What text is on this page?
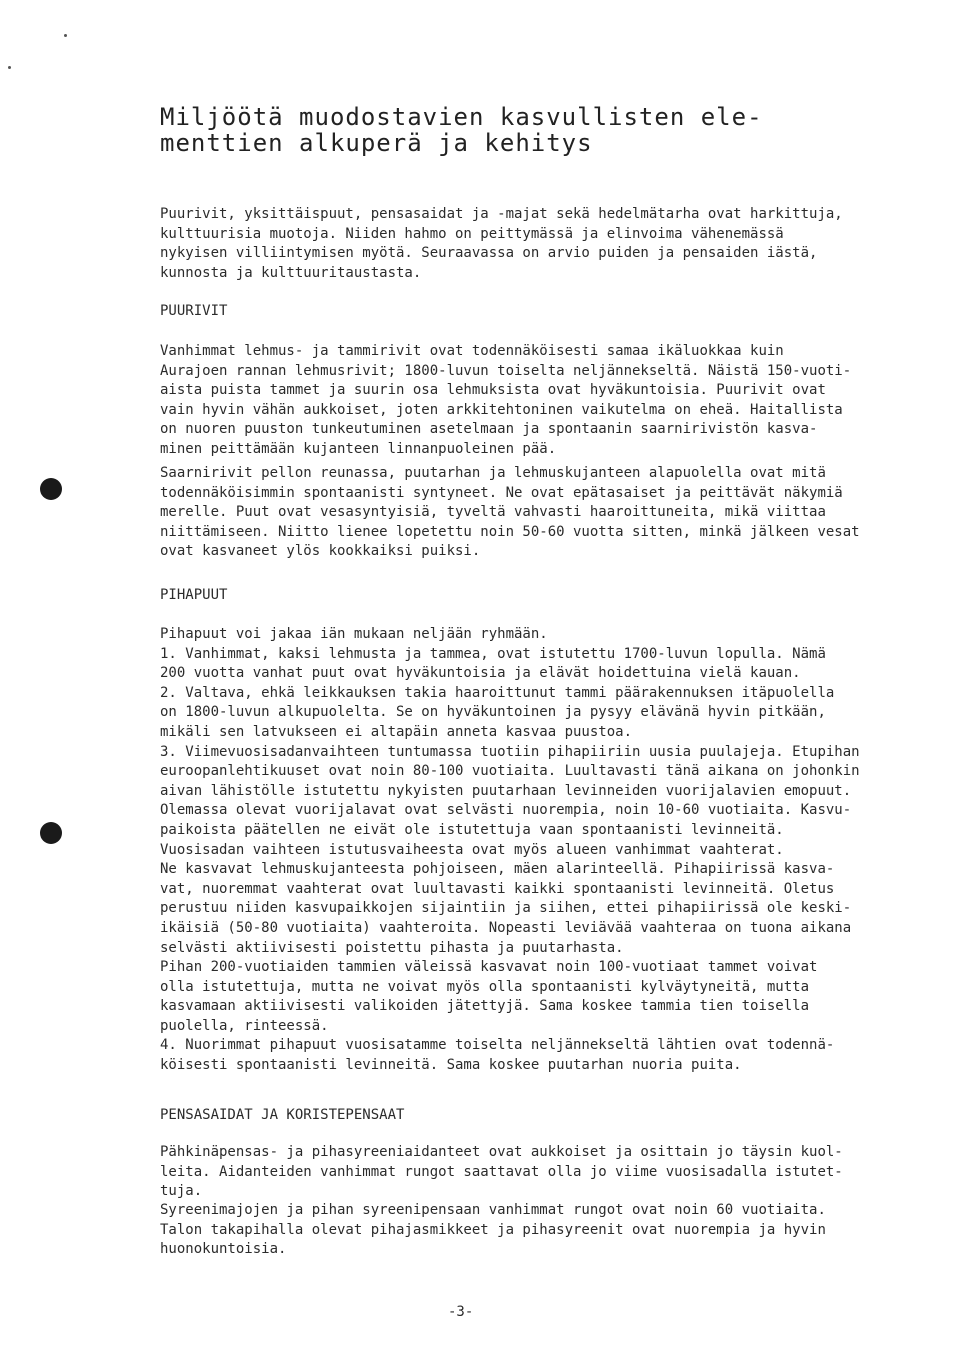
Miljöötä muodostavien kasvullisten ele-
menttien alkuperä ja kehitys

Puurivit, yksittäispuut, pensasaidat ja -majat sekä hedelmätarha ovat harkittuja,
kulttuurisia muotoja. Niiden hahmo on peittymässä ja elinvoima vähenemässä
nykyisen villiintymisen myötä. Seuraavassa on arvio puiden ja pensaiden iästä,
kunnosta ja kulttuuritaustasta.

PUURIVIT

Vanhimmat lehmus- ja tammirivit ovat todennäköisesti samaa ikäluokkaa kuin
Aurajoen rannan lehmusrivit; 1800-luvun toiselta neljännekseltä. Näistä 150-vuoti-
aista puista tammet ja suurin osa lehmuksista ovat hyväkuntoisia. Puurivit ovat
vain hyvin vähän aukkoiset, joten arkkitehtoninen vaikutelma on eheä. Haitallista
on nuoren puuston tunkeutuminen asetelmaan ja spontaanin saarnirivistön kasva-
minen peittämään kujanteen linnanpuoleinen pää.

Saarnirivit pellon reunassa, puutarhan ja lehmuskujanteen alapuolella ovat mitä
todennäköisimmin spontaanisti syntyneet. Ne ovat epätasaiset ja peittävät näkymiä
merelle. Puut ovat vesasyntyisiä, tyveltä vahvasti haaroittuneita, mikä viittaa
niittämiseen. Niitto lienee lopetettu noin 50-60 vuotta sitten, minkä jälkeen vesat
ovat kasvaneet ylös kookkaiksi puiksi.

PIHAPUUT

Pihapuut voi jakaa iän mukaan neljään ryhmään.
1. Vanhimmat, kaksi lehmusta ja tammea, ovat istutettu 1700-luvun lopulla. Nämä
200 vuotta vanhat puut ovat hyväkuntoisia ja elävät hoidettuina vielä kauan.
2. Valtava, ehkä leikkauksen takia haaroittunut tammi päärakennuksen itäpuolella
on 1800-luvun alkupuolelta. Se on hyväkuntoinen ja pysyy elävänä hyvin pitkään,
mikäli sen latvukseen ei altapäin anneta kasvaa puustoa.
3. Viimevuosisadanvaihteen tuntumassa tuotiin pihapiiriin uusia puulajeja. Etupihan
euroopanlehtikuuset ovat noin 80-100 vuotiaita. Luultavasti tänä aikana on johonkin
aivan lähistölle istutettu nykyisten puutarhaan levinneiden vuorijalavien emopuut.
Olemassa olevat vuorijalavat ovat selvästi nuorempia, noin 10-60 vuotiaita. Kasvu-
paikoista päätellen ne eivät ole istutettuja vaan spontaanisti levinneitä.
Vuosisadan vaihteen istutusvaiheesta ovat myös alueen vanhimmat vaahterat.
Ne kasvavat lehmuskujanteesta pohjoiseen, mäen alarinteellä. Pihapiirissä kasva-
vat, nuoremmat vaahterat ovat luultavasti kaikki spontaanisti levinneitä. Oletus
perustuu niiden kasvupaikkojen sijaintiin ja siihen, ettei pihapiirissä ole keski-
ikäisiä (50-80 vuotiaita) vaahteroita. Nopeasti leviävää vaahteraa on tuona aikana
selvästi aktiivisesti poistettu pihasta ja puutarhasta.
Pihan 200-vuotiaiden tammien väleissä kasvavat noin 100-vuotiaat tammet voivat
olla istutettuja, mutta ne voivat myös olla spontaanisti kylväytyneitä, mutta
kasvamaan aktiivisesti valikoiden jätettyjä. Sama koskee tammia tien toisella
puolella, rinteessä.
4. Nuorimmat pihapuut vuosisatamme toiselta neljännekseltä lähtien ovat todennä-
köisesti spontaanisti levinneitä. Sama koskee puutarhan nuoria puita.

PENSASAIDAT JA KORISTEPENSAAT

Pähkinäpensas- ja pihasyreeniaidanteet ovat aukkoiset ja osittain jo täysin kuol-
leita. Aidanteiden vanhimmat rungot saattavat olla jo viime vuosisadalla istutet-
tuja.

Syreenimajojen ja pihan syreenipensaan vanhimmat rungot ovat noin 60 vuotiaita.
Talon takapihalla olevat pihajasmikkeet ja pihasyreenit ovat nuorempia ja hyvin
huonokuntoisia.

-3-
